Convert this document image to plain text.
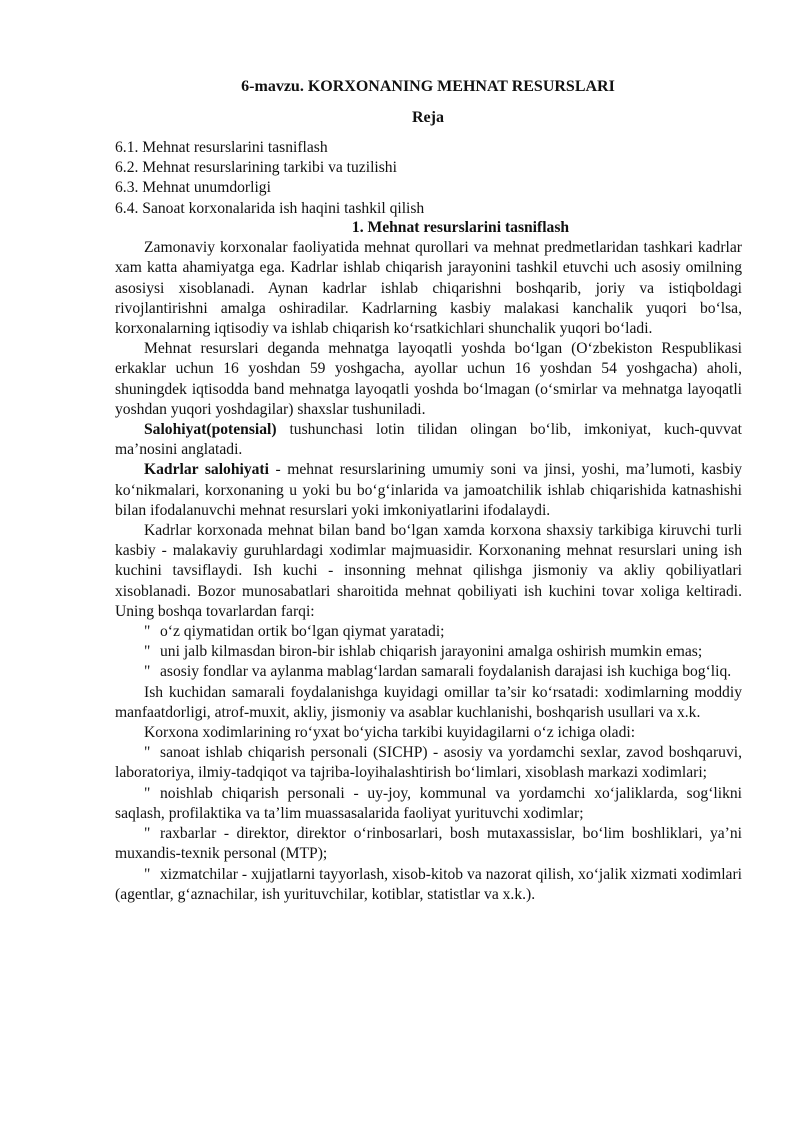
6-mavzu. KORXONANING MEHNAT RESURSLARI
Reja
6.1. Mehnat resurslarini tasniflash
6.2. Mehnat resurslarining tarkibi va tuzilishi
6.3. Mehnat unumdorligi
6.4. Sanoat korxonalarida ish haqini tashkil qilish
1. Mehnat resurslarini tasniflash

Zamonaviy korxonalar faoliyatida mehnat qurollari va mehnat predmetlaridan tashkari kadrlar xam katta ahamiyatga ega. Kadrlar ishlab chiqarish jarayonini tashkil etuvchi uch asosiy omilning asosiysi xisoblanadi. Aynan kadrlar ishlab chiqarishni boshqarib, joriy va istiqboldagi rivojlantirishni amalga oshiradilar. Kadrlarning kasbiy malakasi kanchalik yuqori bo‘lsa, korxonalarning iqtisodiy va ishlab chiqarish ko‘rsatkichlari shunchalik yuqori bo‘ladi.

Mehnat resurslari deganda mehnatga layoqatli yoshda bo‘lgan (O‘zbekiston Respublikasi erkaklar uchun 16 yoshdan 59 yoshgacha, ayollar uchun 16 yoshdan 54 yoshgacha) aholi, shuningdek iqtisodda band mehnatga layoqatli yoshda bo‘lmagan (o‘smirlar va mehnatga layoqatli yoshdan yuqori yoshdagilar) shaxslar tushuniladi.

Salohiyat(potensial) tushunchasi lotin tilidan olingan bo‘lib, imkoniyat, kuch-quvvat ma’nosini anglatadi.

Kadrlar salohiyati - mehnat resurslarining umumiy soni va jinsi, yoshi, ma’lumoti, kasbiy ko‘nikmalari, korxonaning u yoki bu bo‘g‘inlarida va jamoatchilik ishlab chiqarishida katnashishi bilan ifodalanuvchi mehnat resurslari yoki imkoniyatlarini ifodalaydi.

Kadrlar korxonada mehnat bilan band bo‘lgan xamda korxona shaxsiy tarkibiga kiruvchi turli kasbiy - malakaviy guruhlardagi xodimlar majmuasidir. Korxonaning mehnat resurslari uning ish kuchini tavsiflaydi. Ish kuchi - insonning mehnat qilishga jismoniy va akliy qobiliyatlari xisoblanadi. Bozor munosabatlari sharoitida mehnat qobiliyati ish kuchini tovar xoliga keltiradi. Uning boshqa tovarlardan farqi:

" o‘z qiymatidan ortik bo‘lgan qiymat yaratadi;

" uni jalb kilmasdan biron-bir ishlab chiqarish jarayonini amalga oshirish mumkin emas;

" asosiy fondlar va aylanma mablag‘lardan samarali foydalanish darajasi ish kuchiga bog‘liq.

Ish kuchidan samarali foydalanishga kuyidagi omillar ta’sir ko‘rsatadi: xodimlarning moddiy manfaatdorligi, atrof-muxit, akliy, jismoniy va asablar kuchlanishi, boshqarish usullari va x.k.

Korxona xodimlarining ro‘yxat bo‘yicha tarkibi kuyidagilarni o‘z ichiga oladi:

" sanoat ishlab chiqarish personali (SICHP) - asosiy va yordamchi sexlar, zavod boshqaruvi, laboratoriya, ilmiy-tadqiqot va tajriba-loyihalashtirish bo‘limlari, xisoblash markazi xodimlari;

" noishlab chiqarish personali - uy-joy, kommunal va yordamchi xo‘jaliklarda, sog‘likni saqlash, profilaktika va ta’lim muassasalarida faoliyat yurituvchi xodimlar;

" raxbarlar - direktor, direktor o‘rinbosarlari, bosh mutaxassislar, bo‘lim boshliklari, ya’ni muxandis-texnik personal (MTP);

" xizmatchilar - xujjatlarni tayyorlash, xisob-kitob va nazorat qilish, xo‘jalik xizmati xodimlari (agentlar, g‘aznachilar, ish yurituvchilar, kotiblar, statistlar va x.k.).
